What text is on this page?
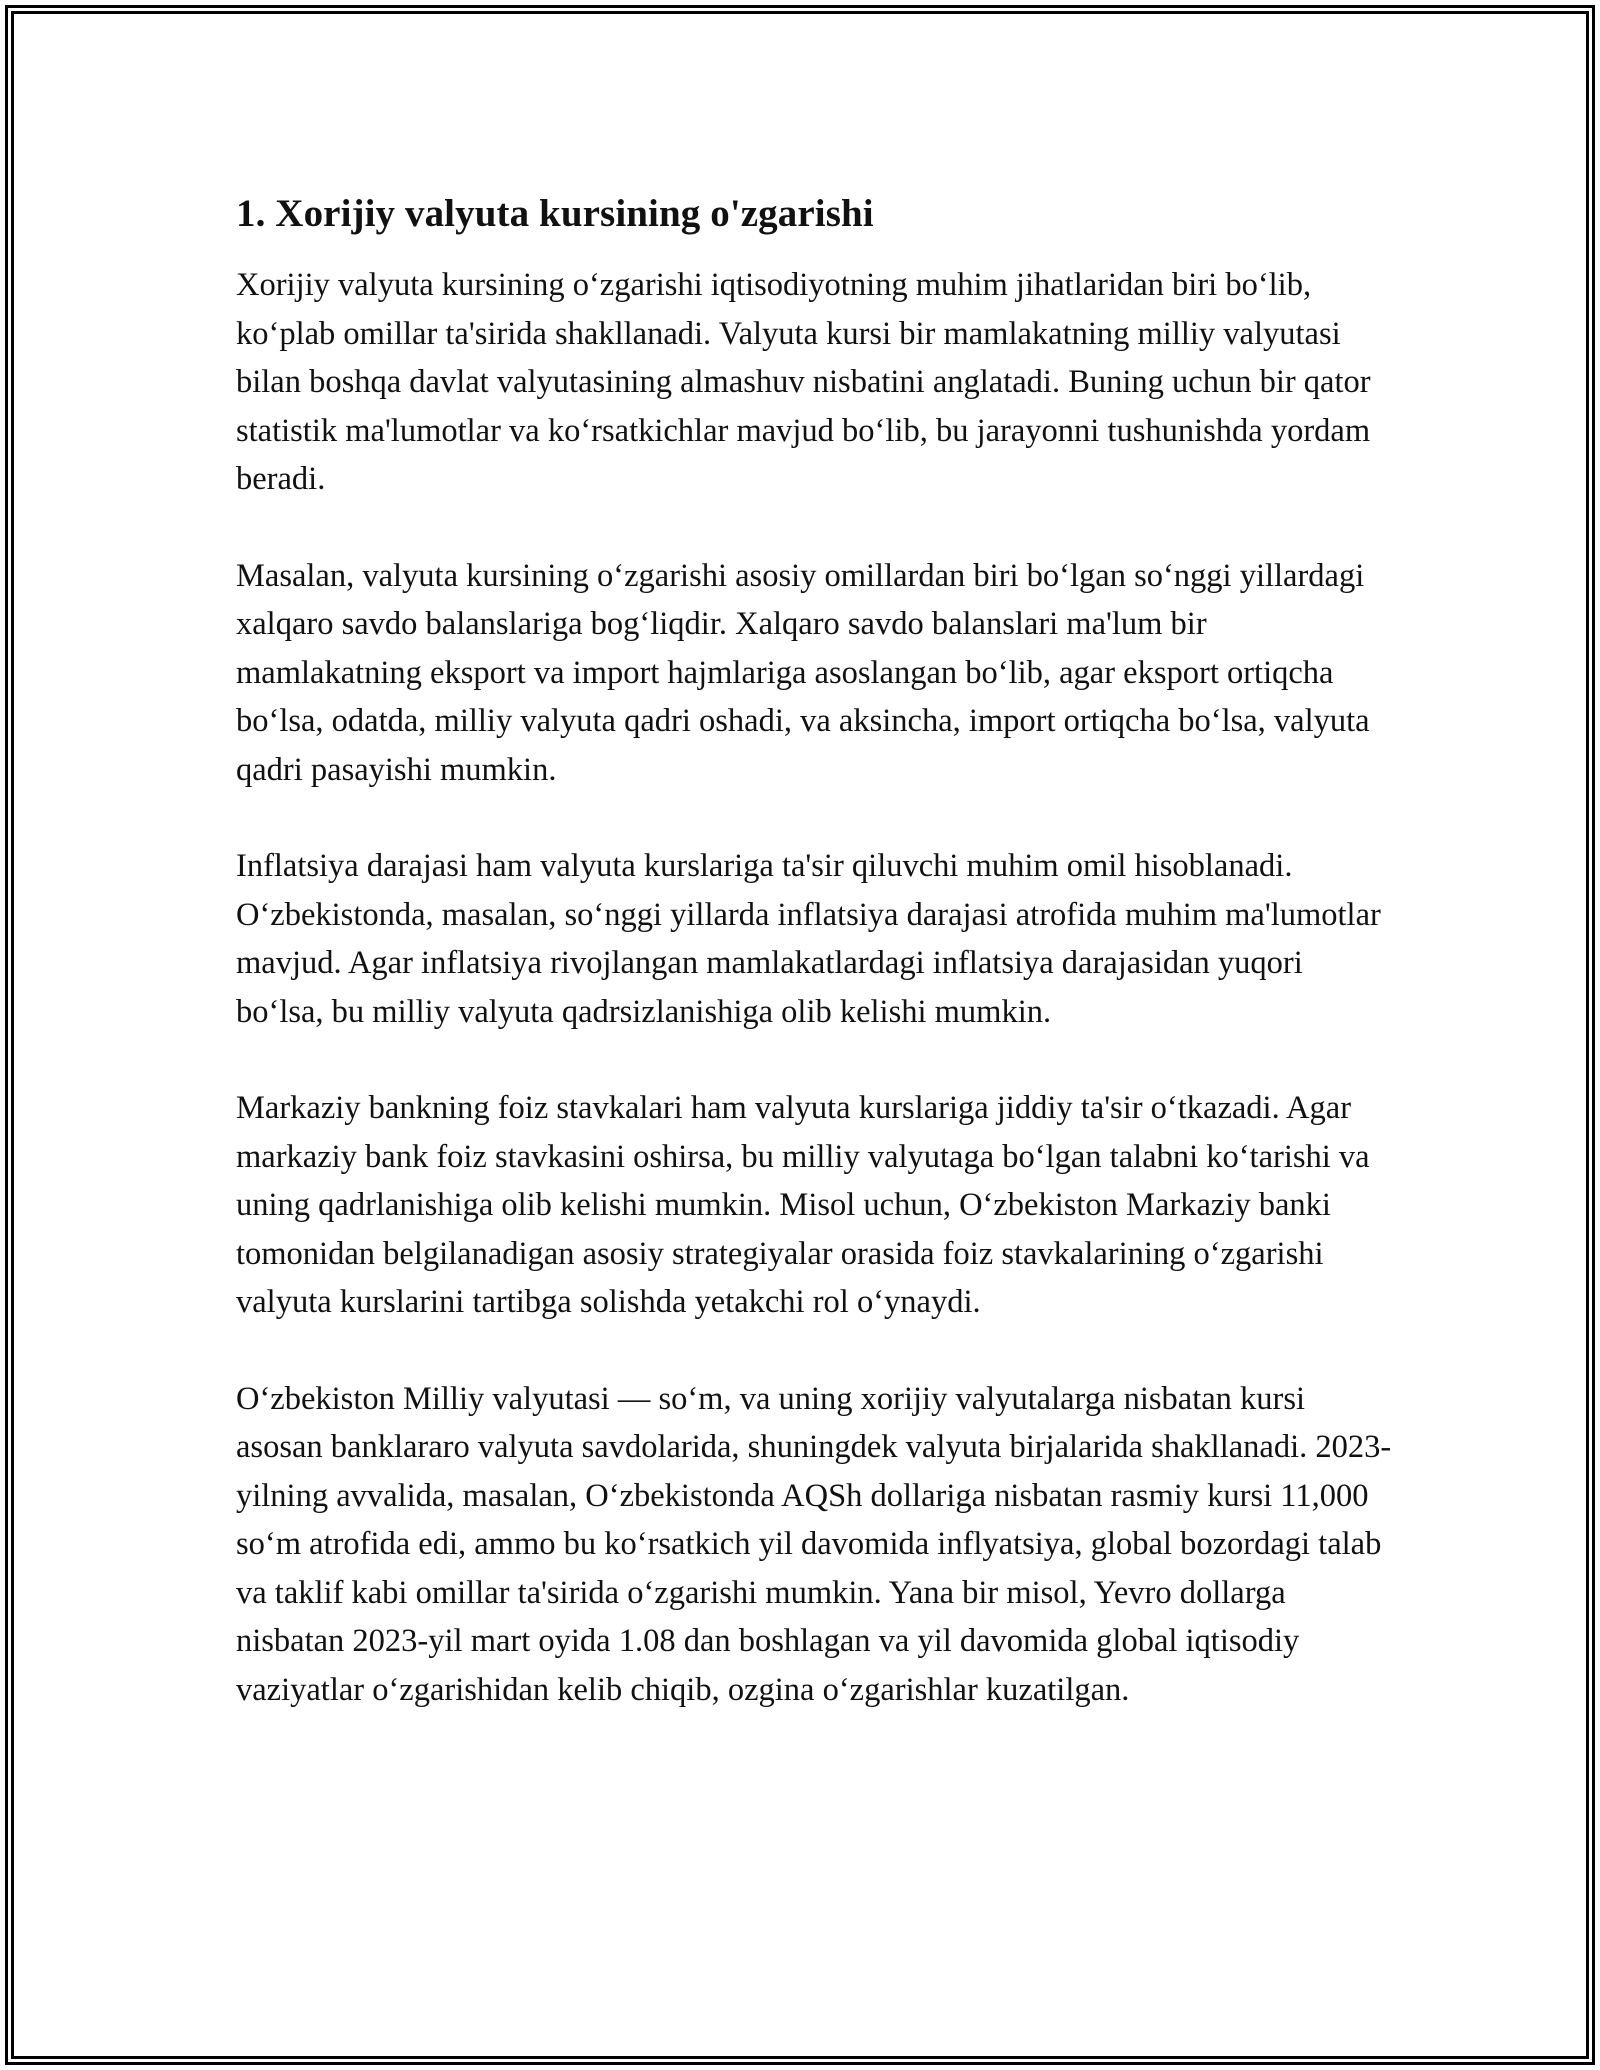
1. Xorijiy valyuta kursining o'zgarishi

Xorijiy valyuta kursining o‘zgarishi iqtisodiyotning muhim jihatlaridan biri bo‘lib, ko‘plab omillar ta'sirida shakllanadi. Valyuta kursi bir mamlakatning milliy valyutasi bilan boshqa davlat valyutasining almashuv nisbatini anglatadi. Buning uchun bir qator statistik ma'lumotlar va ko‘rsatkichlar mavjud bo‘lib, bu jarayonni tushunishda yordam beradi.

Masalan, valyuta kursining o‘zgarishi asosiy omillardan biri bo‘lgan so‘nggi yillardagi xalqaro savdo balanslariga bog‘liqdir. Xalqaro savdo balanslari ma'lum bir mamlakatning eksport va import hajmlariga asoslangan bo‘lib, agar eksport ortiqcha bo‘lsa, odatda, milliy valyuta qadri oshadi, va aksincha, import ortiqcha bo‘lsa, valyuta qadri pasayishi mumkin.

Inflatsiya darajasi ham valyuta kurslariga ta'sir qiluvchi muhim omil hisoblanadi. O‘zbekistonda, masalan, so‘nggi yillarda inflatsiya darajasi atrofida muhim ma'lumotlar mavjud. Agar inflatsiya rivojlangan mamlakatlardagi inflatsiya darajasidan yuqori bo‘lsa, bu milliy valyuta qadrsizlanishiga olib kelishi mumkin.

Markaziy bankning foiz stavkalari ham valyuta kurslariga jiddiy ta'sir o‘tkazadi. Agar markaziy bank foiz stavkasini oshirsa, bu milliy valyutaga bo‘lgan talabni ko‘tarishi va uning qadrlanishiga olib kelishi mumkin. Misol uchun, O‘zbekiston Markaziy banki tomonidan belgilanadigan asosiy strategiyalar orasida foiz stavkalarining o‘zgarishi valyuta kurslarini tartibga solishda yetakchi rol o‘ynaydi.

O‘zbekiston Milliy valyutasi — so‘m, va uning xorijiy valyutalarga nisbatan kursi asosan banklararo valyuta savdolarida, shuningdek valyuta birjalarida shakllanadi. 2023-yilning avvalida, masalan, O‘zbekistonda AQSh dollariga nisbatan rasmiy kursi 11,000 so‘m atrofida edi, ammo bu ko‘rsatkich yil davomida inflyatsiya, global bozordagi talab va taklif kabi omillar ta'sirida o‘zgarishi mumkin. Yana bir misol, Yevro dollarga nisbatan 2023-yil mart oyida 1.08 dan boshlagan va yil davomida global iqtisodiy vaziyatlar o‘zgarishidan kelib chiqib, ozgina o‘zgarishlar kuzatilgan.
